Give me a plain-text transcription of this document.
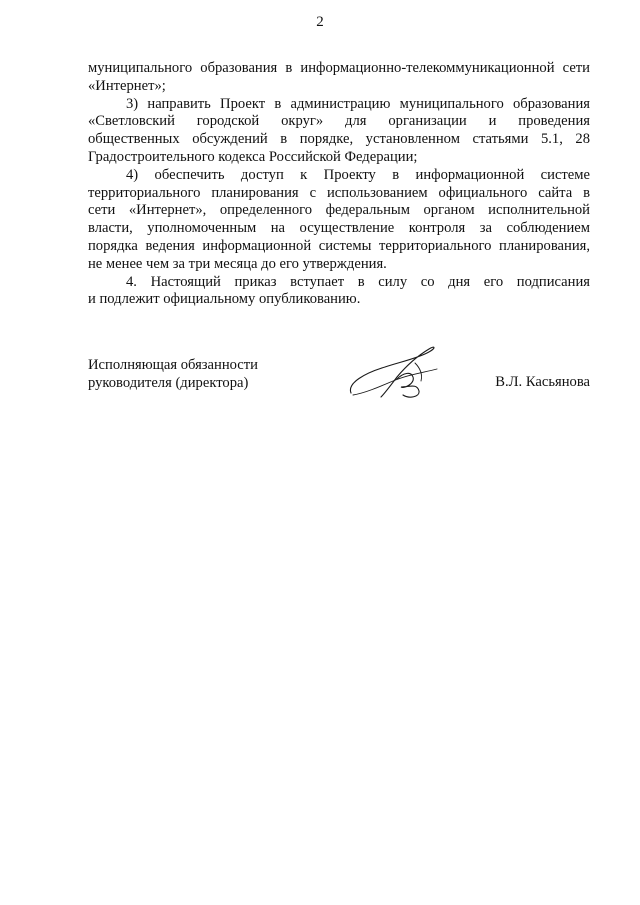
2

муниципального образования в информационно-телекоммуникационной сети

«Интернет»;

3) направить Проект в администрацию муниципального образования

«Светловский городской округ» для организации и проведения

общественных обсуждений в порядке, установленном статьями 5.1, 28

Градостроительного кодекса Российской Федерации;

4) обеспечить доступ к Проекту в информационной системе

территориального планирования с использованием официального сайта в

сети «Интернет», определенного федеральным органом исполнительной

власти, уполномоченным на осуществление контроля за соблюдением

порядка ведения информационной системы территориального планирования,

не менее чем за три месяца до его утверждения.

4. Настоящий приказ вступает в силу со дня его подписания

и подлежит официальному опубликованию.

Исполняющая обязанности
руководителя (директора)	В.Л. Касьянова
